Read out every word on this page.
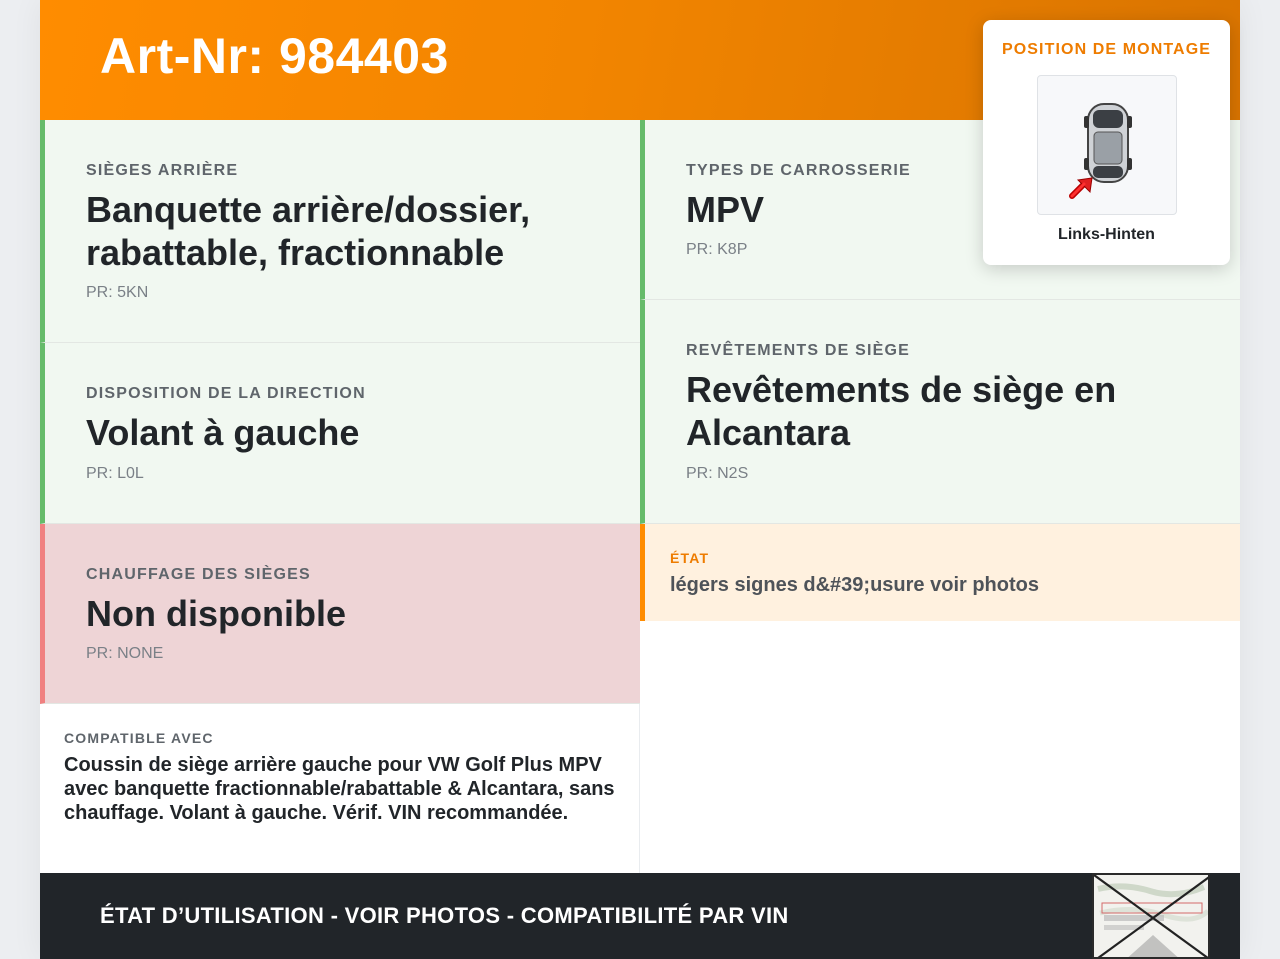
Art-Nr: 984403
SIÈGES ARRIÈRE
Banquette arrière/dossier, rabattable, fractionnable
PR: 5KN
DISPOSITION DE LA DIRECTION
Volant à gauche
PR: L0L
CHAUFFAGE DES SIÈGES
Non disponible
PR: NONE
TYPES DE CARROSSERIE
MPV
PR: K8P
REVÊTEMENTS DE SIÈGE
Revêtements de siège en Alcantara
PR: N2S
ÉTAT
légers signes d&#39;usure voir photos
COMPATIBLE AVEC
Coussin de siège arrière gauche pour VW Golf Plus MPV avec banquette fractionnable/rabattable & Alcantara, sans chauffage. Volant à gauche. Vérif. VIN recommandée.
ÉTAT D’UTILISATION - VOIR PHOTOS - COMPATIBILITÉ PAR VIN
POSITION DE MONTAGE
Links-Hinten
